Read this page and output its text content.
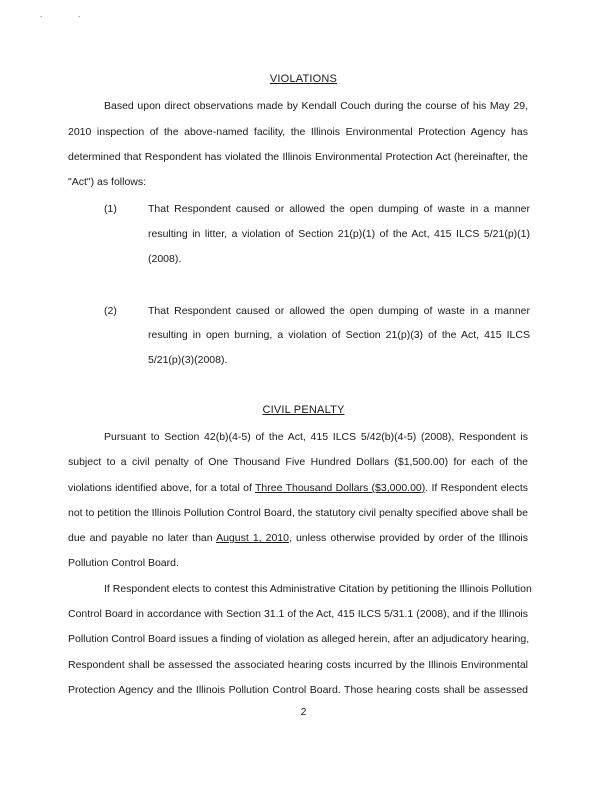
.	.
VIOLATIONS
Based upon direct observations made by Kendall Couch during the course of his May 29,
2010 inspection of the above-named facility, the Illinois Environmental Protection Agency has
determined that Respondent has violated the Illinois Environmental Protection Act (hereinafter, the
"Act") as follows:
(1)	That Respondent caused or allowed the open dumping of waste in a manner
resulting in litter, a violation of Section 21(p)(1) of the Act, 415 ILCS 5/21(p)(1)
(2008).
(2)	That Respondent caused or allowed the open dumping of waste in a manner
resulting in open burning, a violation of Section 21(p)(3) of the Act, 415 ILCS
5/21(p)(3)(2008).
CIVIL PENALTY
Pursuant to Section 42(b)(4-5) of the Act, 415 ILCS 5/42(b)(4-5) (2008), Respondent is
subject to a civil penalty of One Thousand Five Hundred Dollars ($1,500.00) for each of the
violations identified above, for a total of Three Thousand Dollars ($3,000.00). If Respondent elects
not to petition the Illinois Pollution Control Board, the statutory civil penalty specified above shall be
due and payable no later than August 1, 2010, unless otherwise provided by order of the Illinois
Pollution Control Board.
If Respondent elects to contest this Administrative Citation by petitioning the Illinois Pollution
Control Board in accordance with Section 31.1 of the Act, 415 ILCS 5/31.1 (2008), and if the Illinois
Pollution Control Board issues a finding of violation as alleged herein, after an adjudicatory hearing,
Respondent shall be assessed the associated hearing costs incurred by the Illinois Environmental
Protection Agency and the Illinois Pollution Control Board. Those hearing costs shall be assessed
2
